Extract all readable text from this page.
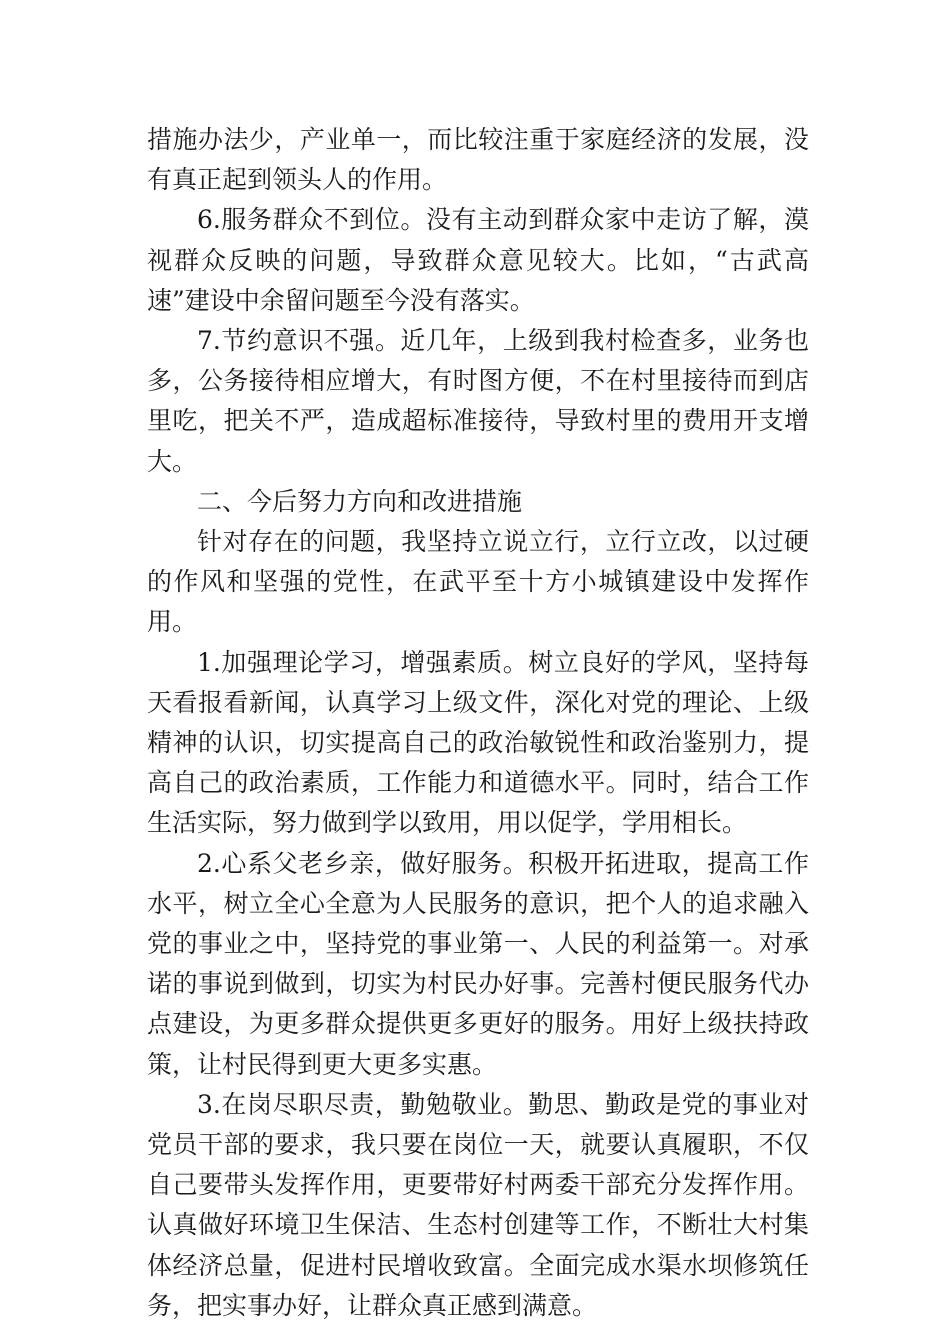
措施办法少，产业单一，而比较注重于家庭经济的发展，没有真正起到领头人的作用。

6.服务群众不到位。没有主动到群众家中走访了解，漠视群众反映的问题，导致群众意见较大。比如，“古武高速”建设中余留问题至今没有落实。

7.节约意识不强。近几年，上级到我村检查多，业务也多，公务接待相应增大，有时图方便，不在村里接待而到店里吃，把关不严，造成超标准接待，导致村里的费用开支增大。

二、今后努力方向和改进措施

针对存在的问题，我坚持立说立行，立行立改，以过硬的作风和坚强的党性，在武平至十方小城镇建设中发挥作用。

1.加强理论学习，增强素质。树立良好的学风，坚持每天看报看新闻，认真学习上级文件，深化对党的理论、上级精神的认识，切实提高自己的政治敏锐性和政治鉴别力，提高自己的政治素质，工作能力和道德水平。同时，结合工作生活实际，努力做到学以致用，用以促学，学用相长。

2.心系父老乡亲，做好服务。积极开拓进取，提高工作水平，树立全心全意为人民服务的意识，把个人的追求融入党的事业之中，坚持党的事业第一、人民的利益第一。对承诺的事说到做到，切实为村民办好事。完善村便民服务代办点建设，为更多群众提供更多更好的服务。用好上级扶持政策，让村民得到更大更多实惠。

3.在岗尽职尽责，勤勉敬业。勤思、勤政是党的事业对党员干部的要求，我只要在岗位一天，就要认真履职，不仅自己要带头发挥作用，更要带好村两委干部充分发挥作用。认真做好环境卫生保洁、生态村创建等工作，不断壮大村集体经济总量，促进村民增收致富。全面完成水渠水坝修筑任务，把实事办好，让群众真正感到满意。
